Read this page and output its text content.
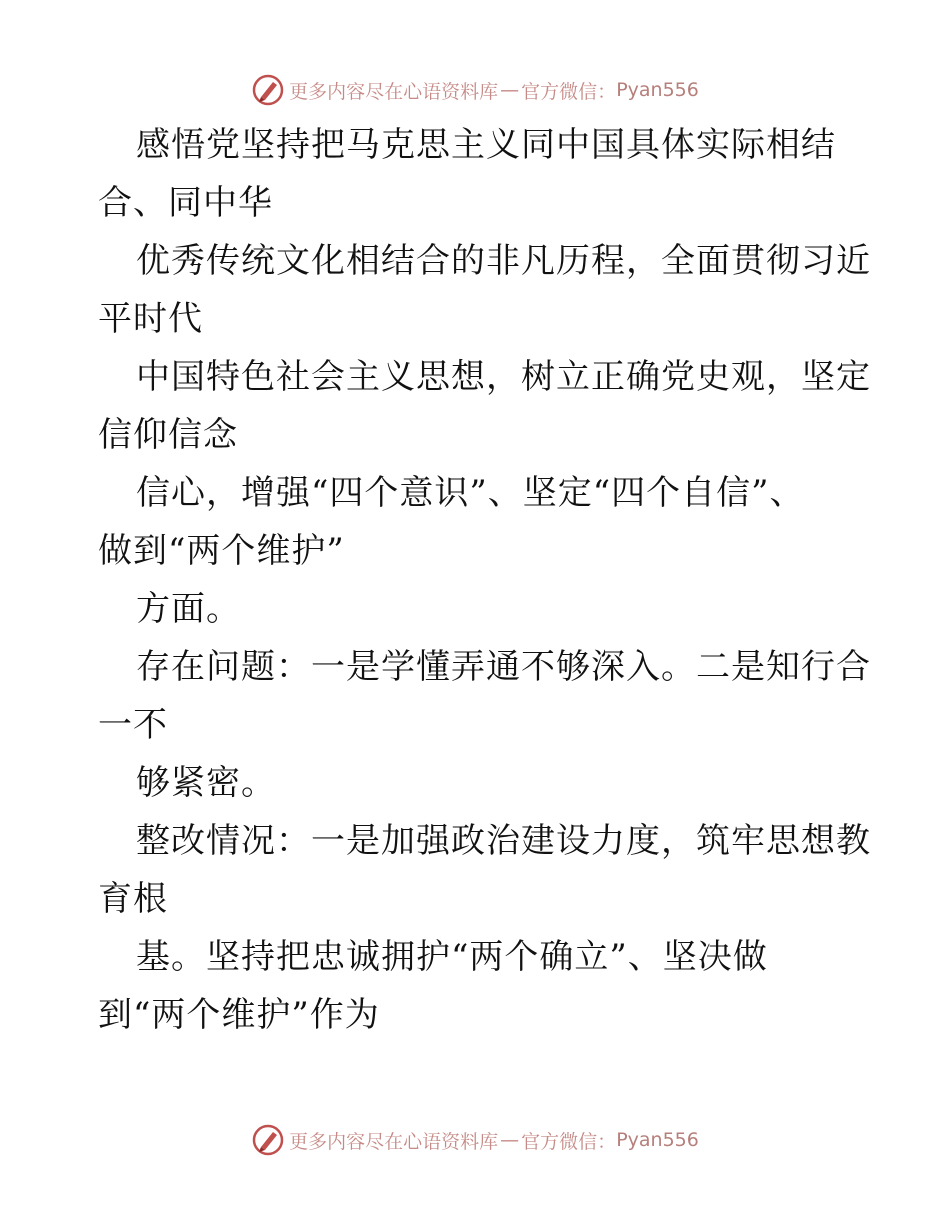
更多内容尽在心语资料库 — 官方微信： Pyan556
感悟党坚持把马克思主义同中国具体实际相结
合、同中华
优秀传统文化相结合的非凡历程，全面贯彻习近
平时代
中国特色社会主义思想，树立正确党史观，坚定
信仰信念
信心，增强“四个意识”、坚定“四个自信”、
做到“两个维护”
方面。
存在问题：一是学懂弄通不够深入。二是知行合
一不
够紧密。
整改情况：一是加强政治建设力度，筑牢思想教
育根
基。坚持把忠诚拥护“两个确立”、坚决做
到“两个维护”作为
更多内容尽在心语资料库 — 官方微信： Pyan556
